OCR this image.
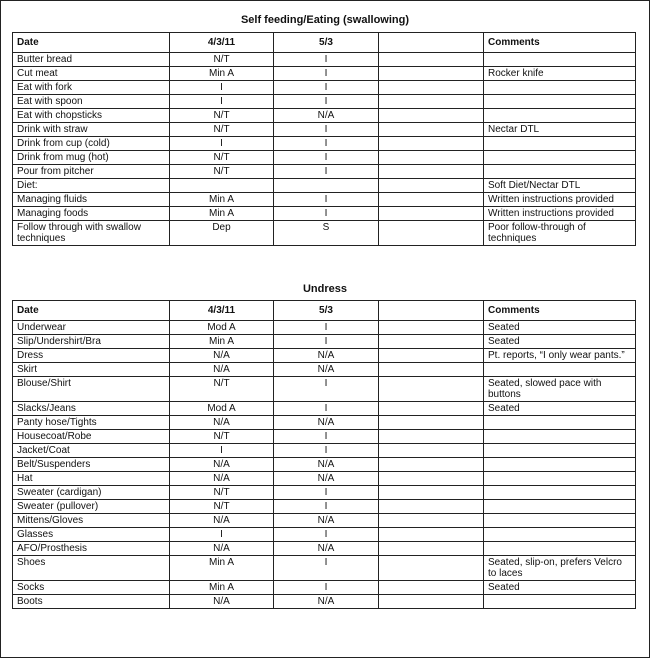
Self feeding/Eating (swallowing)
Date	4/3/11	5/3		Comments
Butter bread	N/T	I		
Cut meat	Min A	I		Rocker knife
Eat with fork	I	I		
Eat with spoon	I	I		
Eat with chopsticks	N/T	N/A		
Drink with straw	N/T	I		Nectar DTL
Drink from cup (cold)	I	I		
Drink from mug (hot)	N/T	I		
Pour from pitcher	N/T	I		
Diet:				Soft Diet/Nectar DTL
Managing fluids	Min A	I		Written instructions provided
Managing foods	Min A	I		Written instructions provided
Follow through with swallow techniques	Dep	S		Poor follow-through of techniques
Undress
Date	4/3/11	5/3		Comments
Underwear	Mod A	I		Seated
Slip/Undershirt/Bra	Min A	I		Seated
Dress	N/A	N/A		Pt. reports, “I only wear pants.”
Skirt	N/A	N/A		
Blouse/Shirt	N/T	I		Seated, slowed pace with buttons
Slacks/Jeans	Mod A	I		Seated
Panty hose/Tights	N/A	N/A		
Housecoat/Robe	N/T	I		
Jacket/Coat	I	I		
Belt/Suspenders	N/A	N/A		
Hat	N/A	N/A		
Sweater (cardigan)	N/T	I		
Sweater (pullover)	N/T	I		
Mittens/Gloves	N/A	N/A		
Glasses	I	I		
AFO/Prosthesis	N/A	N/A		
Shoes	Min A	I		Seated, slip-on, prefers Velcro to laces
Socks	Min A	I		Seated
Boots	N/A	N/A		
